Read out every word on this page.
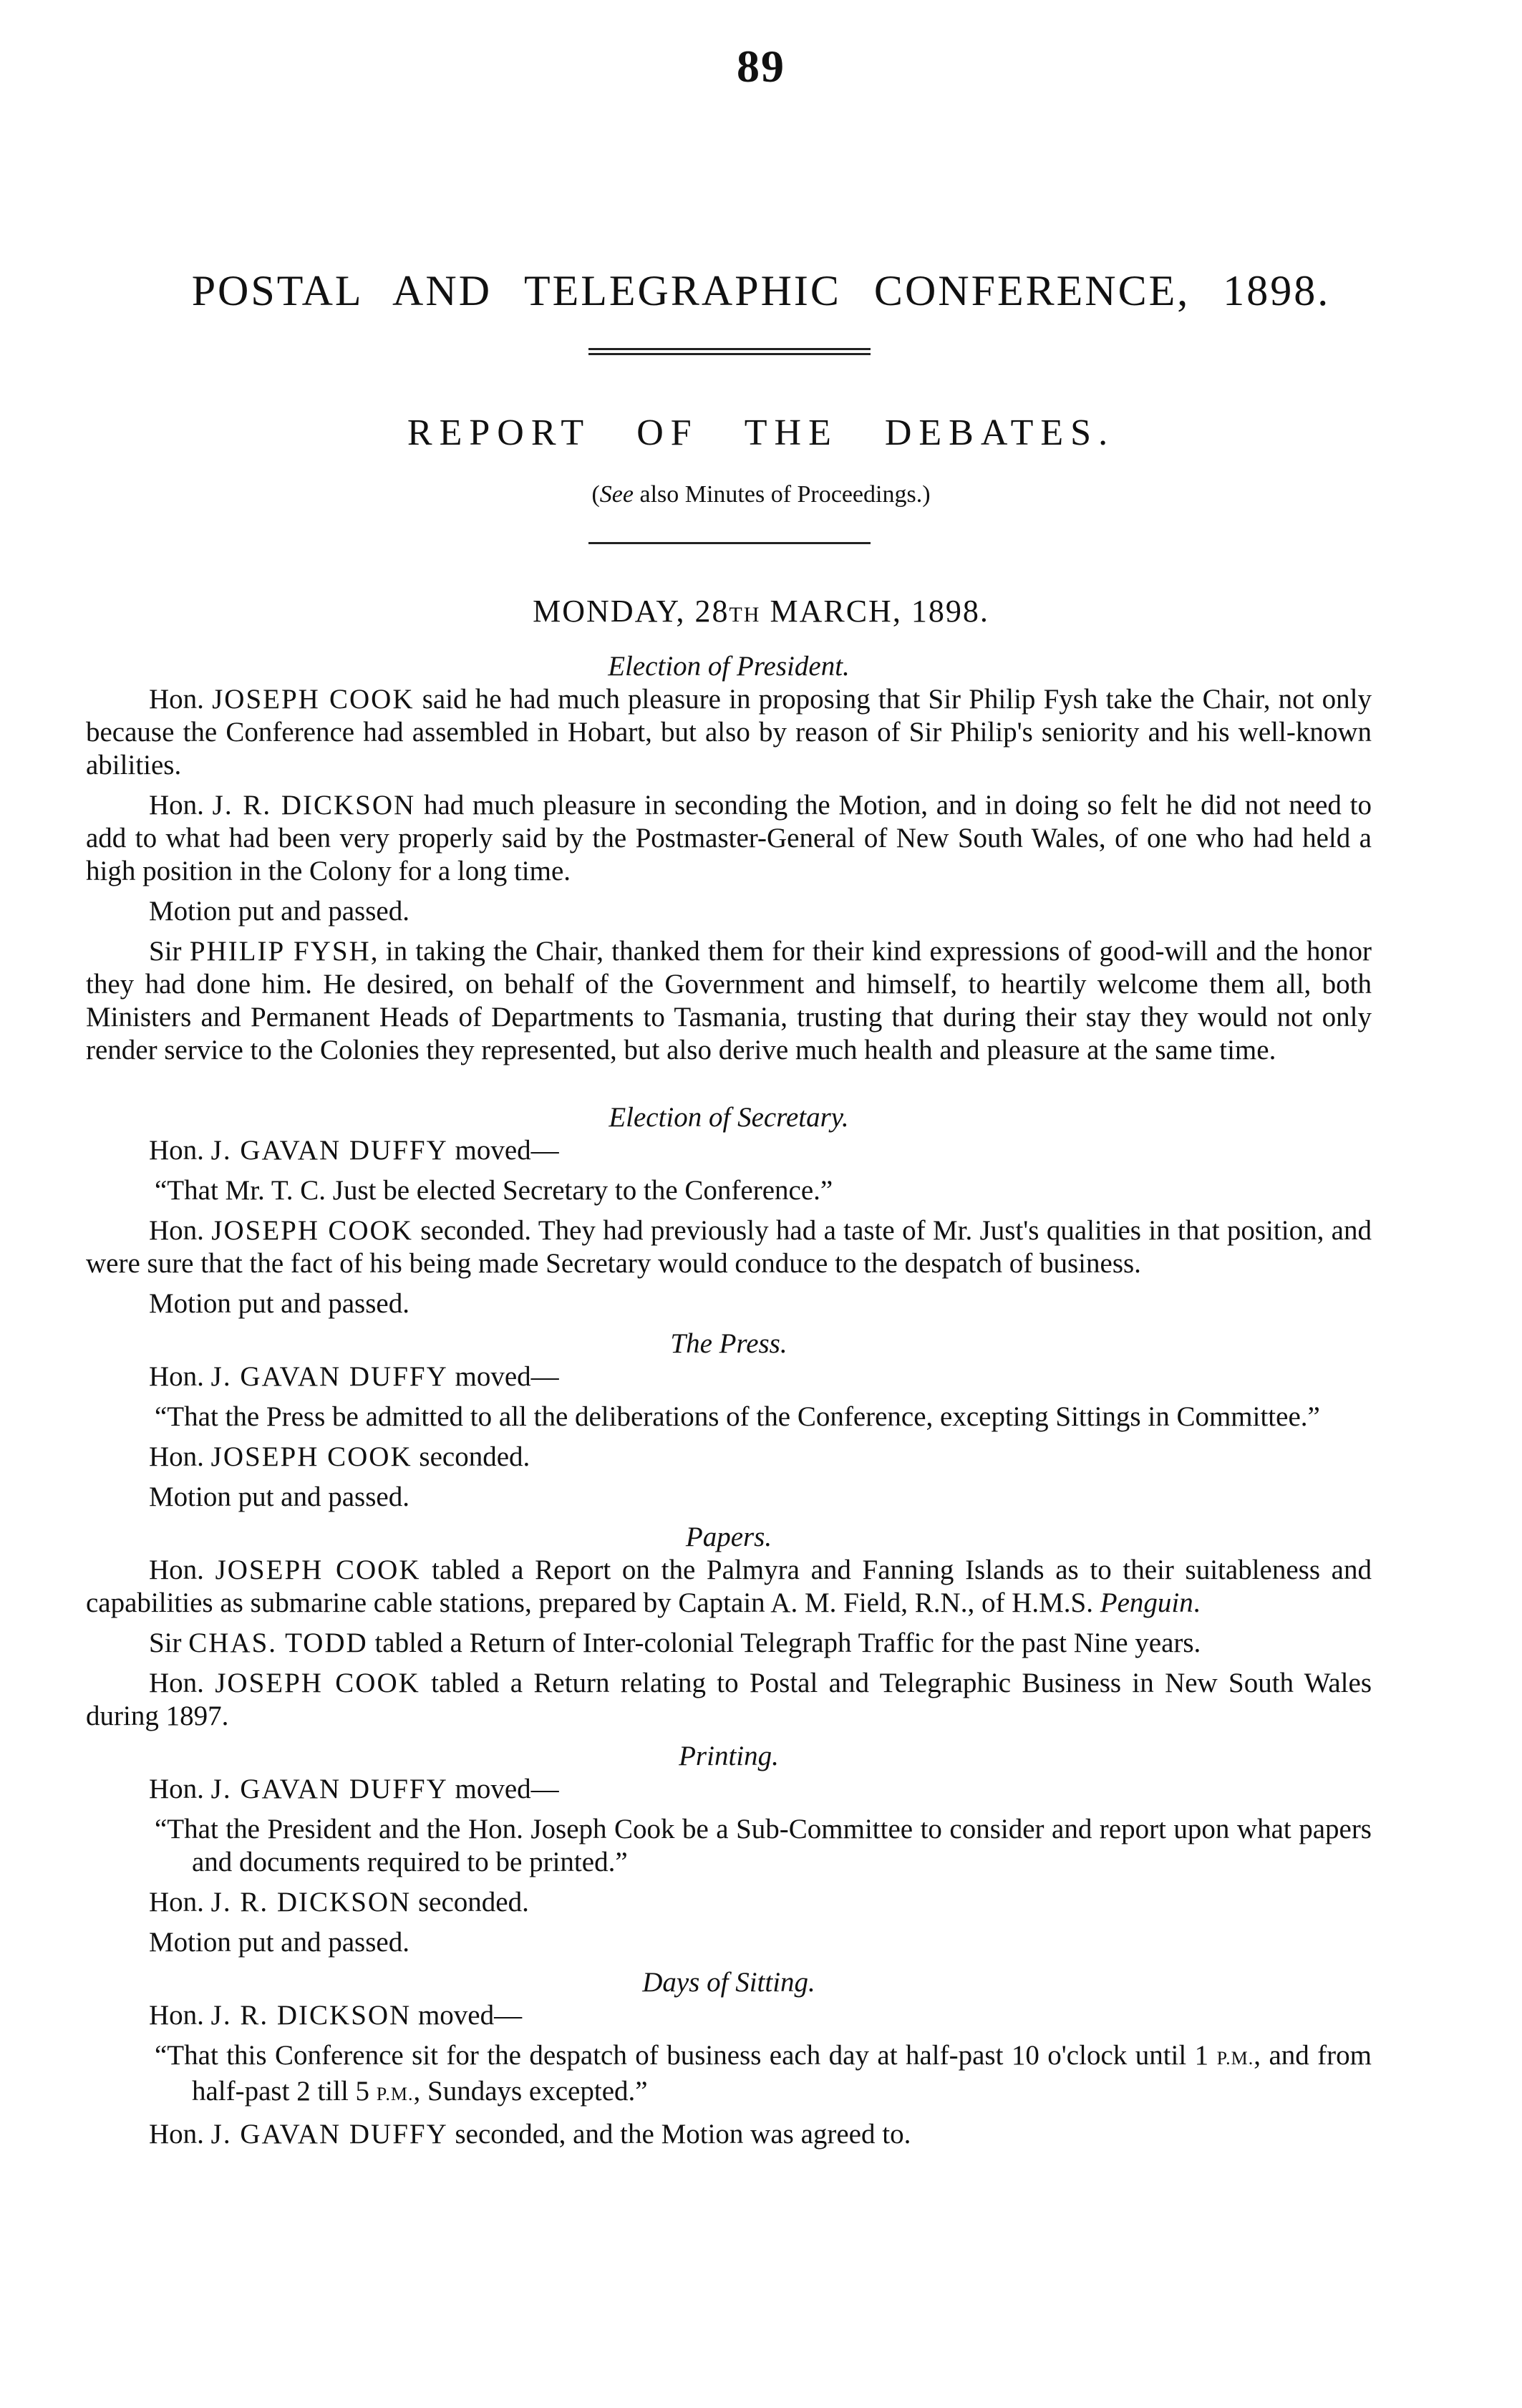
89
POSTAL AND TELEGRAPHIC CONFERENCE, 1898.
REPORT OF THE DEBATES.
(See also Minutes of Proceedings.)
MONDAY, 28TH MARCH, 1898.

Election of President.

Hon. JOSEPH COOK said he had much pleasure in proposing that Sir Philip Fysh take the Chair, not only because the Conference had assembled in Hobart, but also by reason of Sir Philip's seniority and his well-known abilities.

Hon. J. R. DICKSON had much pleasure in seconding the Motion, and in doing so felt he did not need to add to what had been very properly said by the Postmaster-General of New South Wales, of one who had held a high position in the Colony for a long time.

Motion put and passed.

Sir PHILIP FYSH, in taking the Chair, thanked them for their kind expressions of good-will and the honor they had done him. He desired, on behalf of the Government and himself, to heartily welcome them all, both Ministers and Permanent Heads of Departments to Tasmania, trusting that during their stay they would not only render service to the Colonies they represented, but also derive much health and pleasure at the same time.

Election of Secretary.

Hon. J. GAVAN DUFFY moved—

“That Mr. T. C. Just be elected Secretary to the Conference.”

Hon. JOSEPH COOK seconded. They had previously had a taste of Mr. Just's qualities in that position, and were sure that the fact of his being made Secretary would conduce to the despatch of business.

Motion put and passed.

The Press.

Hon. J. GAVAN DUFFY moved—

“That the Press be admitted to all the deliberations of the Conference, excepting Sittings in Committee.”

Hon. JOSEPH COOK seconded.

Motion put and passed.

Papers.

Hon. JOSEPH COOK tabled a Report on the Palmyra and Fanning Islands as to their suitableness and capabilities as submarine cable stations, prepared by Captain A. M. Field, R.N., of H.M.S. Penguin.

Sir CHAS. TODD tabled a Return of Inter-colonial Telegraph Traffic for the past Nine years.

Hon. JOSEPH COOK tabled a Return relating to Postal and Telegraphic Business in New South Wales during 1897.

Printing.

Hon. J. GAVAN DUFFY moved—

“That the President and the Hon. Joseph Cook be a Sub-Committee to consider and report upon what papers and documents required to be printed.”

Hon. J. R. DICKSON seconded.

Motion put and passed.

Days of Sitting.

Hon. J. R. DICKSON moved—

“That this Conference sit for the despatch of business each day at half-past 10 o'clock until 1 P.M., and from half-past 2 till 5 P.M., Sundays excepted.”

Hon. J. GAVAN DUFFY seconded, and the Motion was agreed to.
